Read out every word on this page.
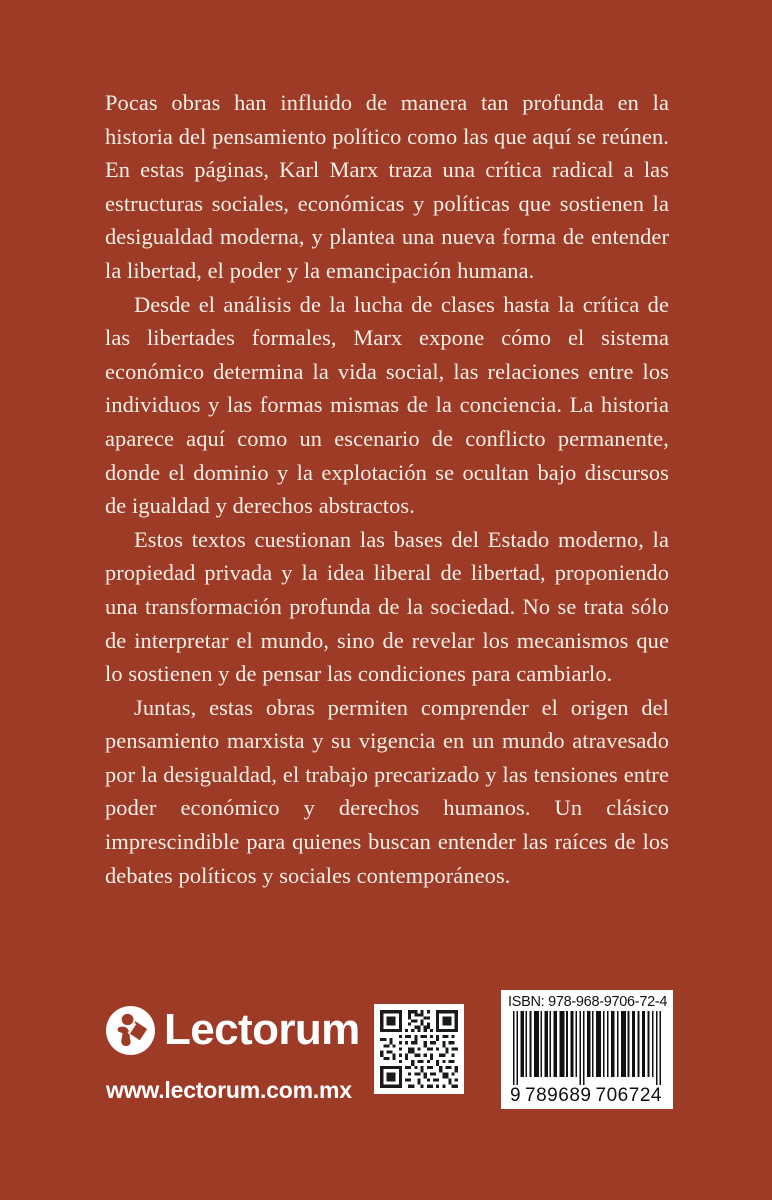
Pocas obras han influido de manera tan profunda en la historia del pensamiento político como las que aquí se reúnen. En estas páginas, Karl Marx traza una crítica radical a las estructuras sociales, económicas y políticas que sostienen la desigualdad moderna, y plantea una nueva forma de entender la libertad, el poder y la emancipación humana.

Desde el análisis de la lucha de clases hasta la crítica de las libertades formales, Marx expone cómo el sistema económico determina la vida social, las relaciones entre los individuos y las formas mismas de la conciencia. La historia aparece aquí como un escenario de conflicto permanente, donde el dominio y la explotación se ocultan bajo discursos de igualdad y derechos abstractos.

Estos textos cuestionan las bases del Estado moderno, la propiedad privada y la idea liberal de libertad, proponiendo una transformación profunda de la sociedad. No se trata sólo de interpretar el mundo, sino de revelar los mecanismos que lo sostienen y de pensar las condiciones para cambiarlo.

Juntas, estas obras permiten comprender el origen del pensamiento marxista y su vigencia en un mundo atravesado por la desigualdad, el trabajo precarizado y las tensiones entre poder económico y derechos humanos. Un clásico imprescindible para quienes buscan entender las raíces de los debates políticos y sociales contemporáneos.

Lectorum
www.lectorum.com.mx
ISBN: 978-968-9706-72-4
9 789689 706724
